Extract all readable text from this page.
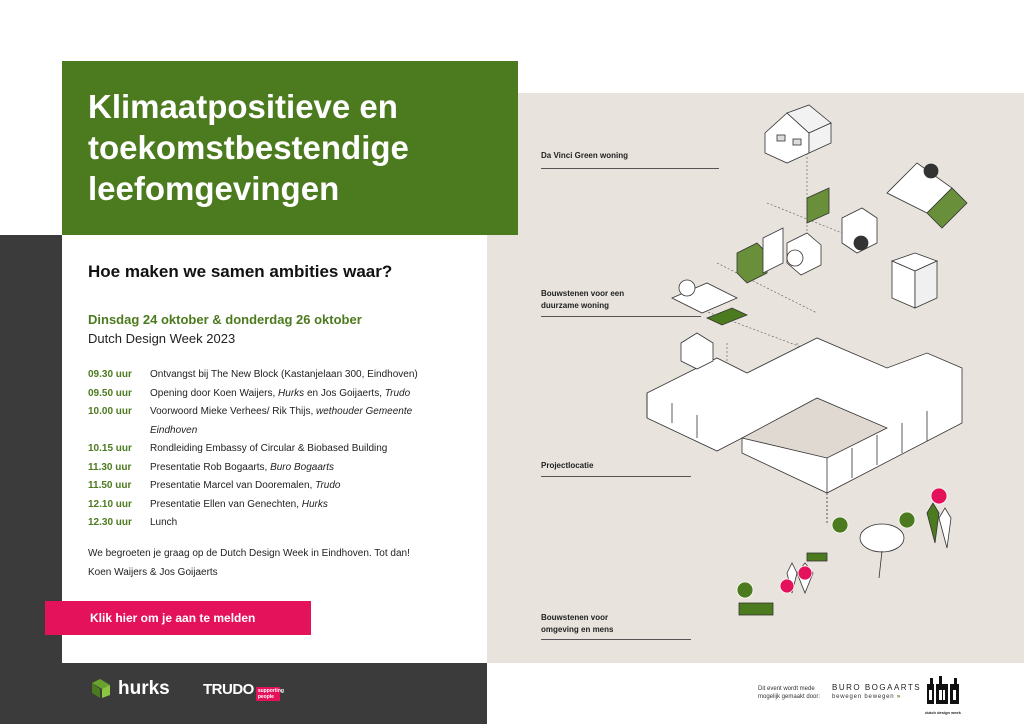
Klimaatpositieve en
toekomstbestendige
leefomgevingen
Hoe maken we samen ambities waar?
Dinsdag 24 oktober & donderdag 26 oktober
Dutch Design Week 2023
09.30 uur	Ontvangst bij The New Block (Kastanjelaan 300, Eindhoven)
09.50 uur	Opening door Koen Waijers, Hurks en Jos Goijaerts, Trudo
10.00 uur	Voorwoord Mieke Verhees/ Rik Thijs, wethouder Gemeente
Eindhoven
10.15 uur	Rondleiding Embassy of Circular & Biobased Building
11.30 uur	Presentatie Rob Bogaarts, Buro Bogaarts
11.50 uur	Presentatie Marcel van Dooremalen, Trudo
12.10 uur	Presentatie Ellen van Genechten, Hurks
12.30 uur	Lunch
We begroeten je graag op de Dutch Design Week in Eindhoven. Tot dan!
Koen Waijers & Jos Goijaerts
Klik hier om je aan te melden
hurks TRUDO supporting people
Dit event wordt mede
mogelijk gemaakt door:
BURO BOGAARTS
bewegen bewegen »
dutch design week
Da Vinci Green woning
Bouwstenen voor een
duurzame woning
Projectlocatie
Bouwstenen voor
omgeving en mens
